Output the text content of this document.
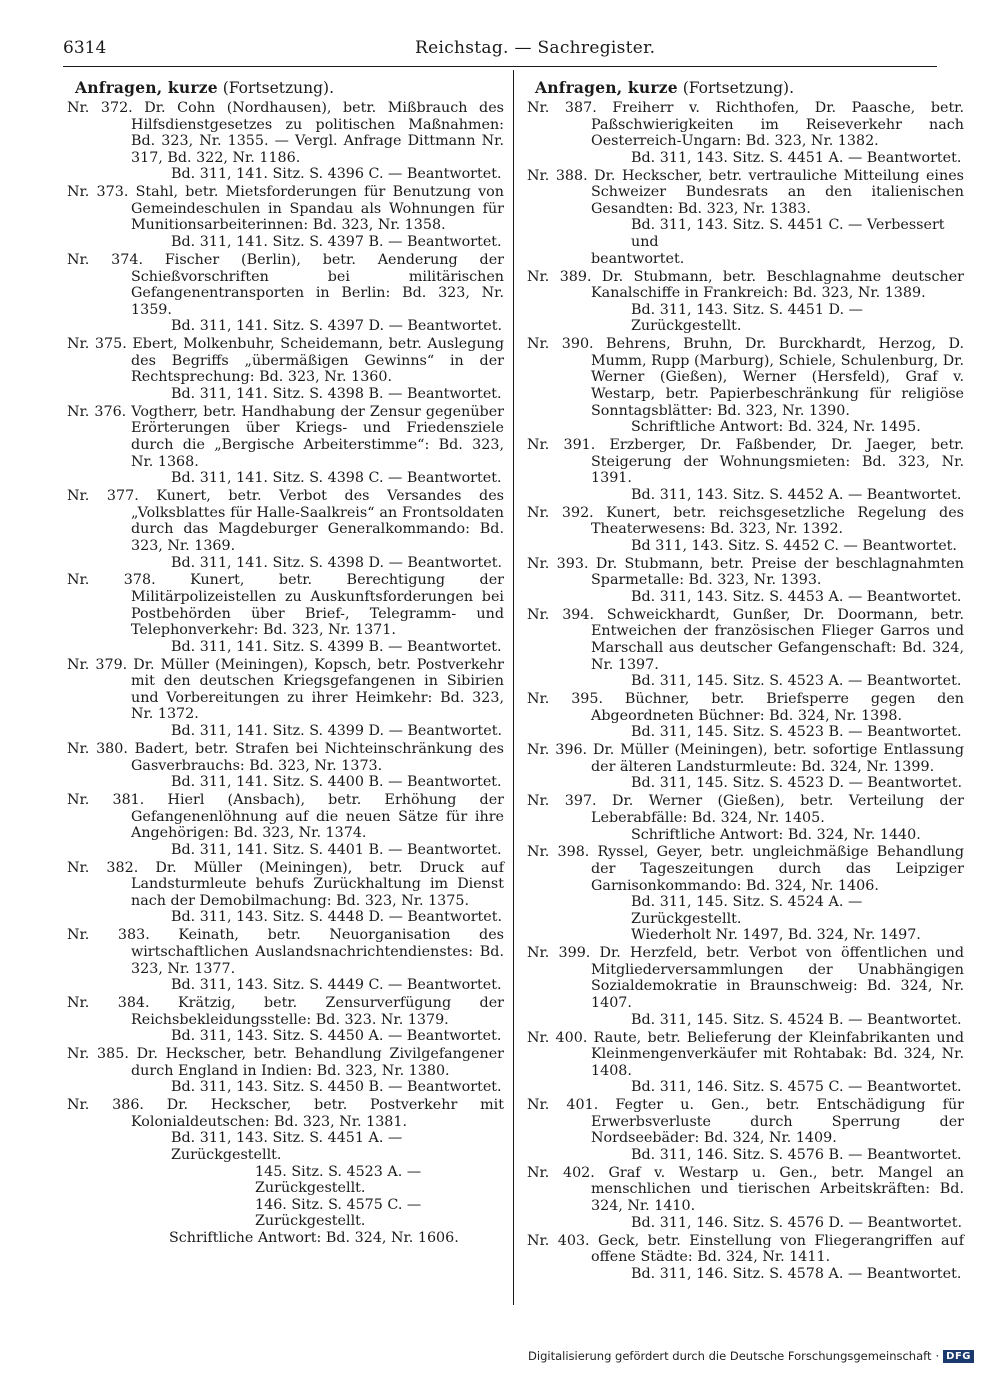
6314	Reichstag. — Sachregister.
Anfragen, kurze (Fortsetzung).
Nr. 372. Dr. Cohn (Nordhausen), betr. Mißbrauch des Hilfsdienstgesetzes zu politischen Maßnahmen: Bd. 323, Nr. 1355. — Vergl. Anfrage Dittmann Nr. 317, Bd. 322, Nr. 1186.
Bd. 311, 141. Sitz. S. 4396 C. — Beantwortet.
Nr. 373. Stahl, betr. Mietsforderungen für Benutzung von Gemeindeschulen in Spandau als Wohnungen für Munitionsarbeiterinnen: Bd. 323, Nr. 1358.
Bd. 311, 141. Sitz. S. 4397 B. — Beantwortet.
Nr. 374. Fischer (Berlin), betr. Aenderung der Schießvorschriften bei militärischen Gefangenentransporten in Berlin: Bd. 323, Nr. 1359.
Bd. 311, 141. Sitz. S. 4397 D. — Beantwortet.
Nr. 375. Ebert, Molkenbuhr, Scheidemann, betr. Auslegung des Begriffs „übermäßigen Gewinns“ in der Rechtsprechung: Bd. 323, Nr. 1360.
Bd. 311, 141. Sitz. S. 4398 B. — Beantwortet.
Nr. 376. Vogtherr, betr. Handhabung der Zensur gegenüber Erörterungen über Kriegs- und Friedensziele durch die „Bergische Arbeiterstimme“: Bd. 323, Nr. 1368.
Bd. 311, 141. Sitz. S. 4398 C. — Beantwortet.
Nr. 377. Kunert, betr. Verbot des Versandes des „Volksblattes für Halle-Saalkreis“ an Frontsoldaten durch das Magdeburger Generalkommando: Bd. 323, Nr. 1369.
Bd. 311, 141. Sitz. S. 4398 D. — Beantwortet.
Nr. 378. Kunert, betr. Berechtigung der Militärpolizeistellen zu Auskunftsforderungen bei Postbehörden über Brief-, Telegramm- und Telephonverkehr: Bd. 323, Nr. 1371.
Bd. 311, 141. Sitz. S. 4399 B. — Beantwortet.
Nr. 379. Dr. Müller (Meiningen), Kopsch, betr. Postverkehr mit den deutschen Kriegsgefangenen in Sibirien und Vorbereitungen zu ihrer Heimkehr: Bd. 323, Nr. 1372.
Bd. 311, 141. Sitz. S. 4399 D. — Beantwortet.
Nr. 380. Badert, betr. Strafen bei Nichteinschränkung des Gasverbrauchs: Bd. 323, Nr. 1373.
Bd. 311, 141. Sitz. S. 4400 B. — Beantwortet.
Nr. 381. Hierl (Ansbach), betr. Erhöhung der Gefangenenlöhnung auf die neuen Sätze für ihre Angehörigen: Bd. 323, Nr. 1374.
Bd. 311, 141. Sitz. S. 4401 B. — Beantwortet.
Nr. 382. Dr. Müller (Meiningen), betr. Druck auf Landsturmleute behufs Zurückhaltung im Dienst nach der Demobilmachung: Bd. 323, Nr. 1375.
Bd. 311, 143. Sitz. S. 4448 D. — Beantwortet.
Nr. 383. Keinath, betr. Neuorganisation des wirtschaftlichen Auslandsnachrichtendienstes: Bd. 323, Nr. 1377.
Bd. 311, 143. Sitz. S. 4449 C. — Beantwortet.
Nr. 384. Krätzig, betr. Zensurverfügung der Reichsbekleidungsstelle: Bd. 323. Nr. 1379.
Bd. 311, 143. Sitz. S. 4450 A. — Beantwortet.
Nr. 385. Dr. Heckscher, betr. Behandlung Zivilgefangener durch England in Indien: Bd. 323, Nr. 1380.
Bd. 311, 143. Sitz. S. 4450 B. — Beantwortet.
Nr. 386. Dr. Heckscher, betr. Postverkehr mit Kolonialdeutschen: Bd. 323, Nr. 1381.
Bd. 311, 143. Sitz. S. 4451 A. — Zurückgestellt.
145. Sitz. S. 4523 A. — Zurückgestellt.
146. Sitz. S. 4575 C. — Zurückgestellt.
Schriftliche Antwort: Bd. 324, Nr. 1606.
Anfragen, kurze (Fortsetzung).
Nr. 387. Freiherr v. Richthofen, Dr. Paasche, betr. Paßschwierigkeiten im Reiseverkehr nach Oesterreich-Ungarn: Bd. 323, Nr. 1382.
Bd. 311, 143. Sitz. S. 4451 A. — Beantwortet.
Nr. 388. Dr. Heckscher, betr. vertrauliche Mitteilung eines Schweizer Bundesrats an den italienischen Gesandten: Bd. 323, Nr. 1383.
Bd. 311, 143. Sitz. S. 4451 C. — Verbessert und
beantwortet.
Nr. 389. Dr. Stubmann, betr. Beschlagnahme deutscher Kanalschiffe in Frankreich: Bd. 323, Nr. 1389.
Bd. 311, 143. Sitz. S. 4451 D. — Zurückgestellt.
Nr. 390. Behrens, Bruhn, Dr. Burckhardt, Herzog, D. Mumm, Rupp (Marburg), Schiele, Schulenburg, Dr. Werner (Gießen), Werner (Hersfeld), Graf v. Westarp, betr. Papierbeschränkung für religiöse Sonntagsblätter: Bd. 323, Nr. 1390.
Schriftliche Antwort: Bd. 324, Nr. 1495.
Nr. 391. Erzberger, Dr. Faßbender, Dr. Jaeger, betr. Steigerung der Wohnungsmieten: Bd. 323, Nr. 1391.
Bd. 311, 143. Sitz. S. 4452 A. — Beantwortet.
Nr. 392. Kunert, betr. reichsgesetzliche Regelung des Theaterwesens: Bd. 323, Nr. 1392.
Bd 311, 143. Sitz. S. 4452 C. — Beantwortet.
Nr. 393. Dr. Stubmann, betr. Preise der beschlagnahmten Sparmetalle: Bd. 323, Nr. 1393.
Bd. 311, 143. Sitz. S. 4453 A. — Beantwortet.
Nr. 394. Schweickhardt, Gunßer, Dr. Doormann, betr. Entweichen der französischen Flieger Garros und Marschall aus deutscher Gefangenschaft: Bd. 324, Nr. 1397.
Bd. 311, 145. Sitz. S. 4523 A. — Beantwortet.
Nr. 395. Büchner, betr. Briefsperre gegen den Abgeordneten Büchner: Bd. 324, Nr. 1398.
Bd. 311, 145. Sitz. S. 4523 B. — Beantwortet.
Nr. 396. Dr. Müller (Meiningen), betr. sofortige Entlassung der älteren Landsturmleute: Bd. 324, Nr. 1399.
Bd. 311, 145. Sitz. S. 4523 D. — Beantwortet.
Nr. 397. Dr. Werner (Gießen), betr. Verteilung der Leberabfälle: Bd. 324, Nr. 1405.
Schriftliche Antwort: Bd. 324, Nr. 1440.
Nr. 398. Ryssel, Geyer, betr. ungleichmäßige Behandlung der Tageszeitungen durch das Leipziger Garnisonkommando: Bd. 324, Nr. 1406.
Bd. 311, 145. Sitz. S. 4524 A. — Zurückgestellt.
Wiederholt Nr. 1497, Bd. 324, Nr. 1497.
Nr. 399. Dr. Herzfeld, betr. Verbot von öffentlichen und Mitgliederversammlungen der Unabhängigen Sozialdemokratie in Braunschweig: Bd. 324, Nr. 1407.
Bd. 311, 145. Sitz. S. 4524 B. — Beantwortet.
Nr. 400. Raute, betr. Belieferung der Kleinfabrikanten und Kleinmengenverkäufer mit Rohtabak: Bd. 324, Nr. 1408.
Bd. 311, 146. Sitz. S. 4575 C. — Beantwortet.
Nr. 401. Fegter u. Gen., betr. Entschädigung für Erwerbsverluste durch Sperrung der Nordseebäder: Bd. 324, Nr. 1409.
Bd. 311, 146. Sitz. S. 4576 B. — Beantwortet.
Nr. 402. Graf v. Westarp u. Gen., betr. Mangel an menschlichen und tierischen Arbeitskräften: Bd. 324, Nr. 1410.
Bd. 311, 146. Sitz. S. 4576 D. — Beantwortet.
Nr. 403. Geck, betr. Einstellung von Fliegerangriffen auf offene Städte: Bd. 324, Nr. 1411.
Bd. 311, 146. Sitz. S. 4578 A. — Beantwortet.
Digitalisierung gefördert durch die Deutsche Forschungsgemeinschaft · DFG
